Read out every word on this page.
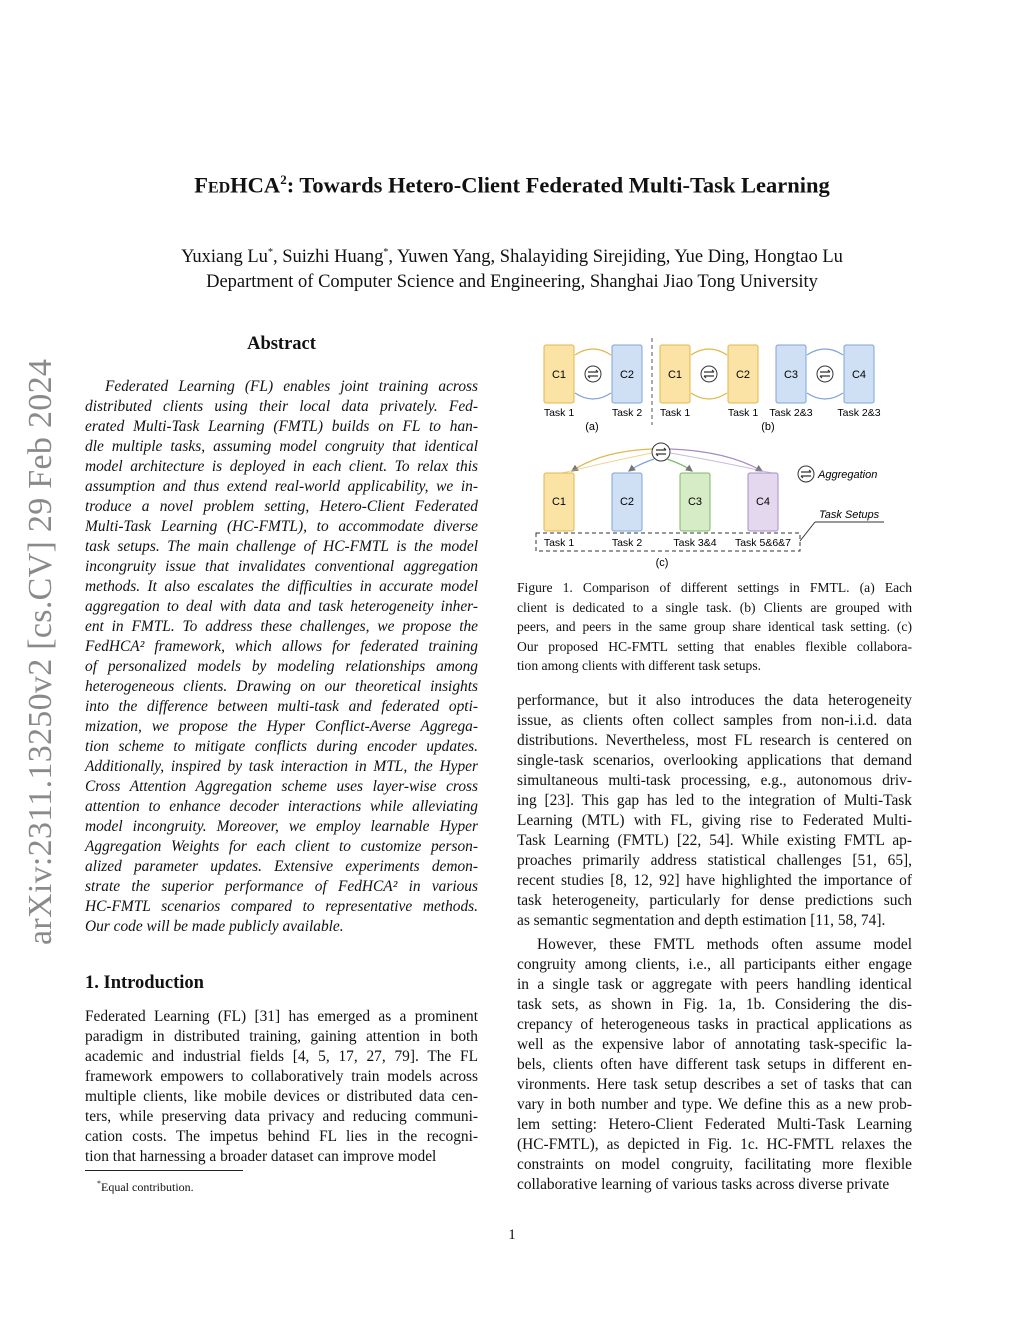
FedHCA$^2$: Towards Hetero-Client Federated Multi-Task Learning
Yuxiang Lu*, Suizhi Huang*, Yuwen Yang, Shalayiding Sirejiding, Yue Ding, Hongtao Lu
Department of Computer Science and Engineering, Shanghai Jiao Tong University
arXiv:2311.13250v2 [cs.CV] 29 Feb 2024
Abstract
Federated Learning (FL) enables joint training across
distributed clients using their local data privately. Fed-
erated Multi-Task Learning (FMTL) builds on FL to han-
dle multiple tasks, assuming model congruity that identical
model architecture is deployed in each client. To relax this
assumption and thus extend real-world applicability, we in-
troduce a novel problem setting, Hetero-Client Federated
Multi-Task Learning (HC-FMTL), to accommodate diverse
task setups. The main challenge of HC-FMTL is the model
incongruity issue that invalidates conventional aggregation
methods. It also escalates the difficulties in accurate model
aggregation to deal with data and task heterogeneity inher-
ent in FMTL. To address these challenges, we propose the
FedHCA² framework, which allows for federated training
of personalized models by modeling relationships among
heterogeneous clients. Drawing on our theoretical insights
into the difference between multi-task and federated opti-
mization, we propose the Hyper Conflict-Averse Aggrega-
tion scheme to mitigate conflicts during encoder updates.
Additionally, inspired by task interaction in MTL, the Hyper
Cross Attention Aggregation scheme uses layer-wise cross
attention to enhance decoder interactions while alleviating
model incongruity. Moreover, we employ learnable Hyper
Aggregation Weights for each client to customize person-
alized parameter updates. Extensive experiments demon-
strate the superior performance of FedHCA² in various
HC-FMTL scenarios compared to representative methods.
Our code will be made publicly available.
1. Introduction
Federated Learning (FL) [31] has emerged as a prominent
paradigm in distributed training, gaining attention in both
academic and industrial fields [4, 5, 17, 27, 79]. The FL
framework empowers to collaboratively train models across
multiple clients, like mobile devices or distributed data cen-
ters, while preserving data privacy and reducing communi-
cation costs. The impetus behind FL lies in the recogni-
tion that harnessing a broader dataset can improve model
*Equal contribution.
C1	C2
Task 1	Task 2
(a)
C1	C2	C3	C4
Task 1	Task 1 Task 2&3 Task 2&3
(b)
C1	C2	C3	C4
Task 1	Task 2	Task 3&4 Task 5&6&7
(c)
Aggregation
Task Setups
Figure 1. Comparison of different settings in FMTL. (a) Each
client is dedicated to a single task. (b) Clients are grouped with
peers, and peers in the same group share identical task setting. (c)
Our proposed HC-FMTL setting that enables flexible collabora-
tion among clients with different task setups.
performance, but it also introduces the data heterogeneity
issue, as clients often collect samples from non-i.i.d. data
distributions. Nevertheless, most FL research is centered on
single-task scenarios, overlooking applications that demand
simultaneous multi-task processing, e.g., autonomous driv-
ing [23]. This gap has led to the integration of Multi-Task
Learning (MTL) with FL, giving rise to Federated Multi-
Task Learning (FMTL) [22, 54]. While existing FMTL ap-
proaches primarily address statistical challenges [51, 65],
recent studies [8, 12, 92] have highlighted the importance of
task heterogeneity, particularly for dense predictions such
as semantic segmentation and depth estimation [11, 58, 74].
However, these FMTL methods often assume model
congruity among clients, i.e., all participants either engage
in a single task or aggregate with peers handling identical
task sets, as shown in Fig. 1a, 1b. Considering the dis-
crepancy of heterogeneous tasks in practical applications as
well as the expensive labor of annotating task-specific la-
bels, clients often have different task setups in different en-
vironments. Here task setup describes a set of tasks that can
vary in both number and type. We define this as a new prob-
lem setting: Hetero-Client Federated Multi-Task Learning
(HC-FMTL), as depicted in Fig. 1c. HC-FMTL relaxes the
constraints on model congruity, facilitating more flexible
collaborative learning of various tasks across diverse private
1
